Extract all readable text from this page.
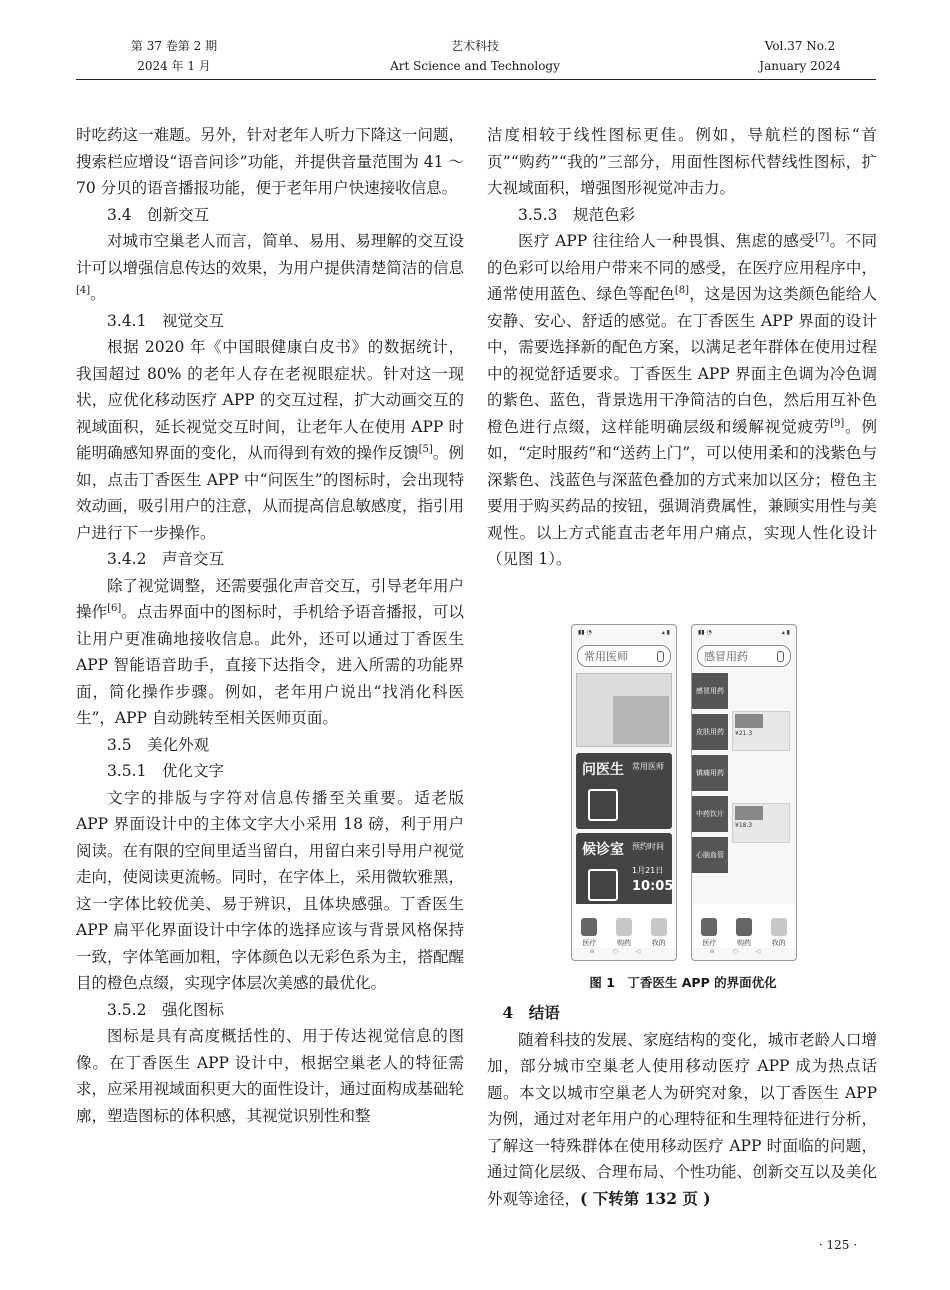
第 37 卷第 2 期
2024 年 1 月
艺术科技
Art Science and Technology
Vol.37 No.2
January 2024

时吃药这一难题。另外，针对老年人听力下降这一问题，搜索栏应增设“语音问诊”功能，并提供音量范围为 41 ～ 70 分贝的语音播报功能，便于老年用户快速接收信息。

3.4　创新交互

对城市空巢老人而言，简单、易用、易理解的交互设计可以增强信息传达的效果，为用户提供清楚简洁的信息[4]。

3.4.1　视觉交互

根据 2020 年《中国眼健康白皮书》的数据统计，我国超过 80% 的老年人存在老视眼症状。针对这一现状，应优化移动医疗 APP 的交互过程，扩大动画交互的视域面积，延长视觉交互时间，让老年人在使用 APP 时能明确感知界面的变化，从而得到有效的操作反馈[5]。例如，点击丁香医生 APP 中“问医生”的图标时，会出现特效动画，吸引用户的注意，从而提高信息敏感度，指引用户进行下一步操作。

3.4.2　声音交互

除了视觉调整，还需要强化声音交互，引导老年用户操作[6]。点击界面中的图标时，手机给予语音播报，可以让用户更准确地接收信息。此外，还可以通过丁香医生 APP 智能语音助手，直接下达指令，进入所需的功能界面，简化操作步骤。例如，老年用户说出“找消化科医生”，APP 自动跳转至相关医师页面。

3.5　美化外观

3.5.1　优化文字

文字的排版与字符对信息传播至关重要。适老版 APP 界面设计中的主体文字大小采用 18 磅，利于用户阅读。在有限的空间里适当留白，用留白来引导用户视觉走向，使阅读更流畅。同时，在字体上，采用微软雅黑，这一字体比较优美、易于辨识，且体块感强。丁香医生 APP 扁平化界面设计中字体的选择应该与背景风格保持一致，字体笔画加粗，字体颜色以无彩色系为主，搭配醒目的橙色点缀，实现字体层次美感的最优化。

3.5.2　强化图标

图标是具有高度概括性的、用于传达视觉信息的图像。在丁香医生 APP 设计中，根据空巢老人的特征需求，应采用视域面积更大的面性设计，通过面构成基础轮廓，塑造图标的体积感，其视觉识别性和整

洁度相较于线性图标更佳。例如，导航栏的图标“首页”“购药”“我的”三部分，用面性图标代替线性图标，扩大视域面积，增强图形视觉冲击力。

3.5.3　规范色彩

医疗 APP 往往给人一种畏惧、焦虑的感受[7]。不同的色彩可以给用户带来不同的感受，在医疗应用程序中，通常使用蓝色、绿色等配色[8]，这是因为这类颜色能给人安静、安心、舒适的感觉。在丁香医生 APP 界面的设计中，需要选择新的配色方案，以满足老年群体在使用过程中的视觉舒适要求。丁香医生 APP 界面主色调为冷色调的紫色、蓝色，背景选用干净简洁的白色，然后用互补色橙色进行点缀，这样能明确层级和缓解视觉疲劳[9]。例如，“定时服药”和“送药上门”，可以使用柔和的浅紫色与深紫色、浅蓝色与深蓝色叠加的方式来加以区分；橙色主要用于购买药品的按钮，强调消费属性，兼顾实用性与美观性。以上方式能直击老年用户痛点，实现人性化设计（见图 1）。

▮▮ ◔	▴ ▮
常用医师
问医生 常用医师
候诊室 预约时间
1月21日
10:05
医疗	购药	我的
≡○◁
▮▮ ◔	▴ ▮
感冒用药
感冒用药
皮肤用药
镇痛用药
中药饮片
心脑血管
¥21.3
¥18.3
医疗	购药	我的
≡○◁
图 1　丁香医生 APP 的界面优化

4　结语

随着科技的发展、家庭结构的变化，城市老龄人口增加，部分城市空巢老人使用移动医疗 APP 成为热点话题。本文以城市空巢老人为研究对象，以丁香医生 APP 为例，通过对老年用户的心理特征和生理特征进行分析，了解这一特殊群体在使用移动医疗 APP 时面临的问题，通过简化层级、合理布局、个性功能、创新交互以及美化外观等途径，( 下转第 132 页 )

· 125 ·
